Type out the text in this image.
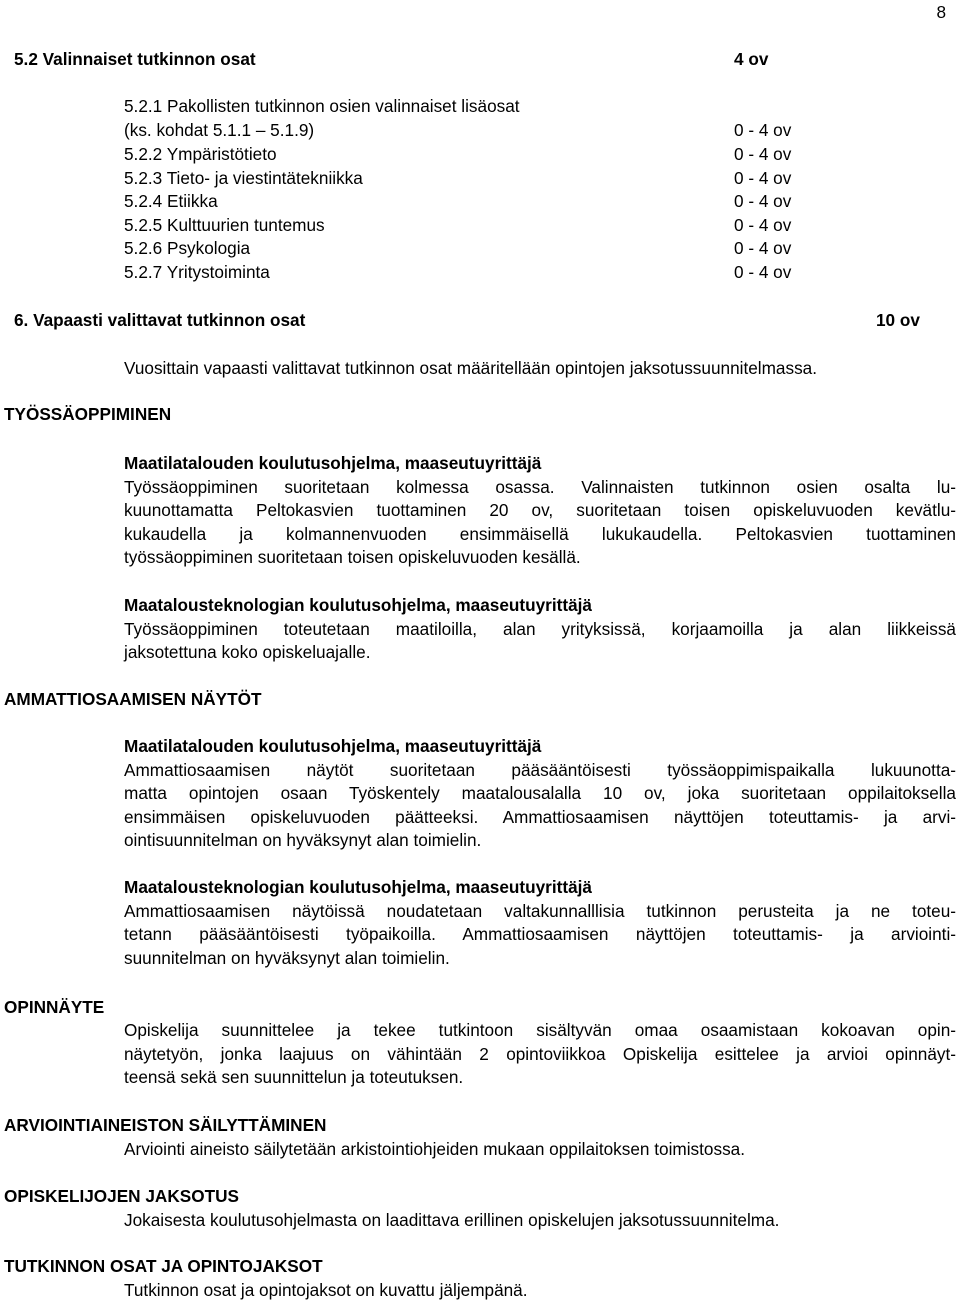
8
5.2 Valinnaiset tutkinnon osat	4 ov
5.2.1 Pakollisten tutkinnon osien valinnaiset lisäosat
(ks. kohdat 5.1.1 – 5.1.9)	0 - 4 ov
5.2.2 Ympäristötieto	0 - 4 ov
5.2.3 Tieto- ja viestintätekniikka	0 - 4 ov
5.2.4 Etiikka	0 - 4 ov
5.2.5 Kulttuurien tuntemus	0 - 4 ov
5.2.6 Psykologia	0 - 4 ov
5.2.7 Yritystoiminta	0 - 4 ov
6. Vapaasti valittavat tutkinnon osat	10 ov
Vuosittain vapaasti valittavat tutkinnon osat määritellään opintojen jaksotussuunnitelmassa.
TYÖSSÄOPPIMINEN
Maatilatalouden koulutusohjelma, maaseutuyrittäjä
Työssäoppiminen suoritetaan kolmessa osassa. Valinnaisten tutkinnon osien osalta lu-
kuunottamatta Peltokasvien tuottaminen 20 ov, suoritetaan toisen opiskeluvuoden kevätlu-
kukaudella ja kolmannenvuoden ensimmäisellä lukukaudella. Peltokasvien tuottaminen
työssäoppiminen suoritetaan toisen opiskeluvuoden kesällä.
Maatalousteknologian koulutusohjelma, maaseutuyrittäjä
Työssäoppiminen toteutetaan maatiloilla, alan yrityksissä, korjaamoilla ja alan liikkeissä
jaksotettuna koko opiskeluajalle.
AMMATTIOSAAMISEN NÄYTÖT
Maatilatalouden koulutusohjelma, maaseutuyrittäjä
Ammattiosaamisen näytöt suoritetaan pääsääntöisesti työssäoppimispaikalla lukuunotta-
matta opintojen osaan Työskentely maatalousalalla 10 ov, joka suoritetaan oppilaitoksella
ensimmäisen opiskeluvuoden päätteeksi. Ammattiosaamisen näyttöjen toteuttamis- ja arvi-
ointisuunnitelman on hyväksynyt alan toimielin.
Maatalousteknologian koulutusohjelma, maaseutuyrittäjä
Ammattiosaamisen näytöissä noudatetaan valtakunnalllisia tutkinnon perusteita ja ne toteu-
tetann pääsääntöisesti työpaikoilla. Ammattiosaamisen näyttöjen toteuttamis- ja arviointi-
suunnitelman on hyväksynyt alan toimielin.
OPINNÄYTE
Opiskelija suunnittelee ja tekee tutkintoon sisältyvän omaa osaamistaan kokoavan opin-
näytetyön, jonka laajuus on vähintään 2 opintoviikkoa Opiskelija esittelee ja arvioi opinnäyt-
teensä sekä sen suunnittelun ja toteutuksen.
ARVIOINTIAINEISTON SÄILYTTÄMINEN
Arviointi aineisto säilytetään arkistointiohjeiden mukaan oppilaitoksen toimistossa.
OPISKELIJOJEN JAKSOTUS
Jokaisesta koulutusohjelmasta on laadittava erillinen opiskelujen jaksotussuunnitelma.
TUTKINNON OSAT JA OPINTOJAKSOT
Tutkinnon osat ja opintojaksot on kuvattu jäljempänä.
